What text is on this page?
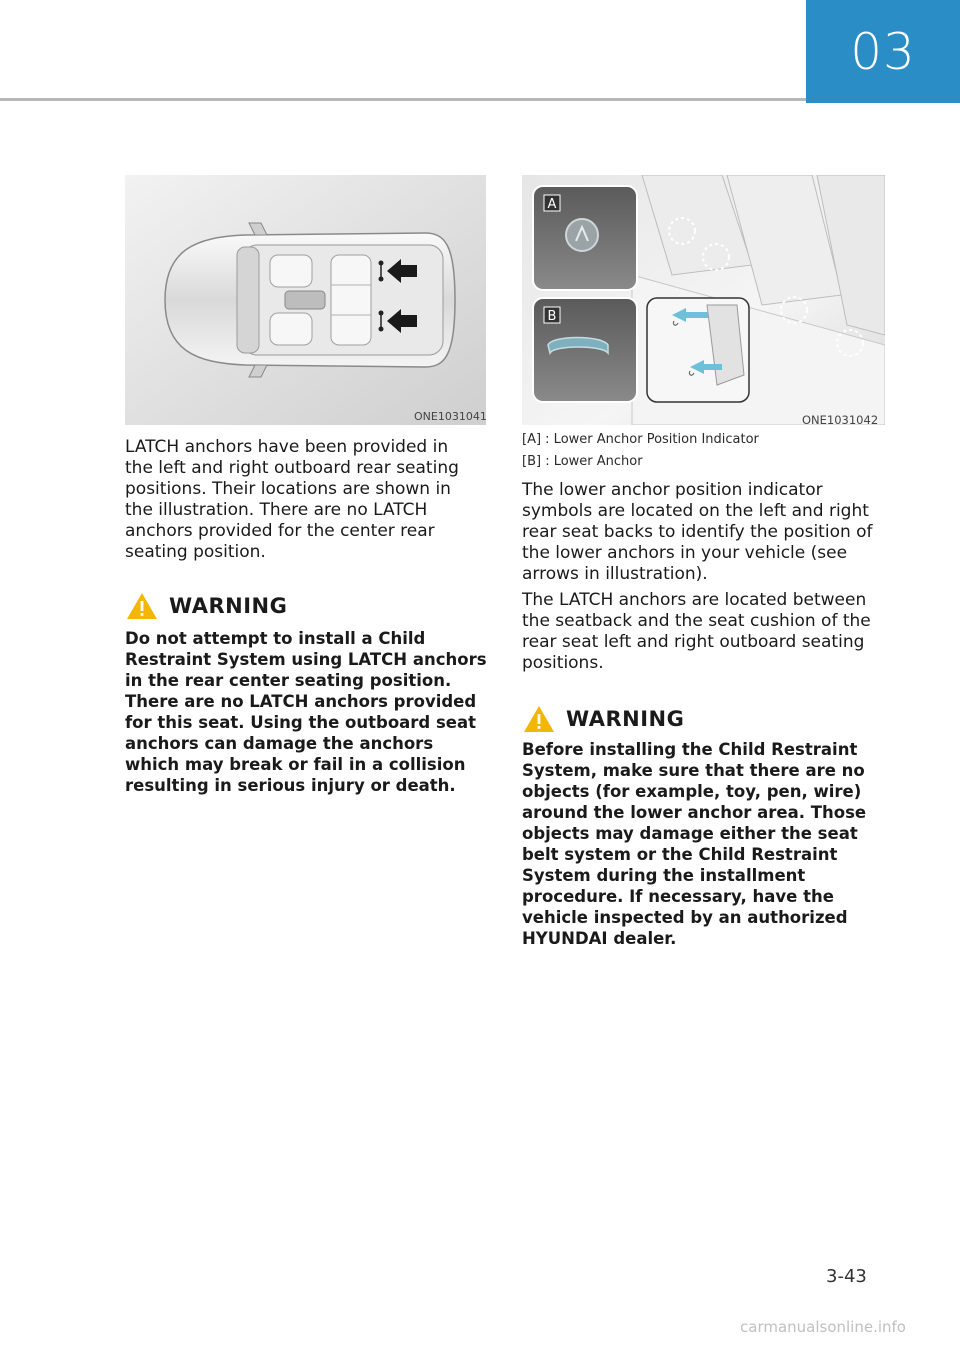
03
ONE1031041

LATCH anchors have been provided in the left and right outboard rear seating positions. Their locations are shown in the illustration. There are no LATCH anchors provided for the center rear seating position.

WARNING

Do not attempt to install a Child Restraint System using LATCH anchors in the rear center seating position. There are no LATCH anchors provided for this seat. Using the outboard seat anchors can damage the anchors which may break or fail in a collision resulting in serious injury or death.

A
B
ONE1031042

[A] : Lower Anchor Position Indicator

[B] : Lower Anchor

The lower anchor position indicator symbols are located on the left and right rear seat backs to identify the position of the lower anchors in your vehicle (see arrows in illustration).

The LATCH anchors are located between the seatback and the seat cushion of the rear seat left and right outboard seating positions.

WARNING

Before installing the Child Restraint System, make sure that there are no objects (for example, toy, pen, wire) around the lower anchor area. Those objects may damage either the seat belt system or the Child Restraint System during the installment procedure. If necessary, have the vehicle inspected by an authorized HYUNDAI dealer.

3-43
carmanualsonline.info
